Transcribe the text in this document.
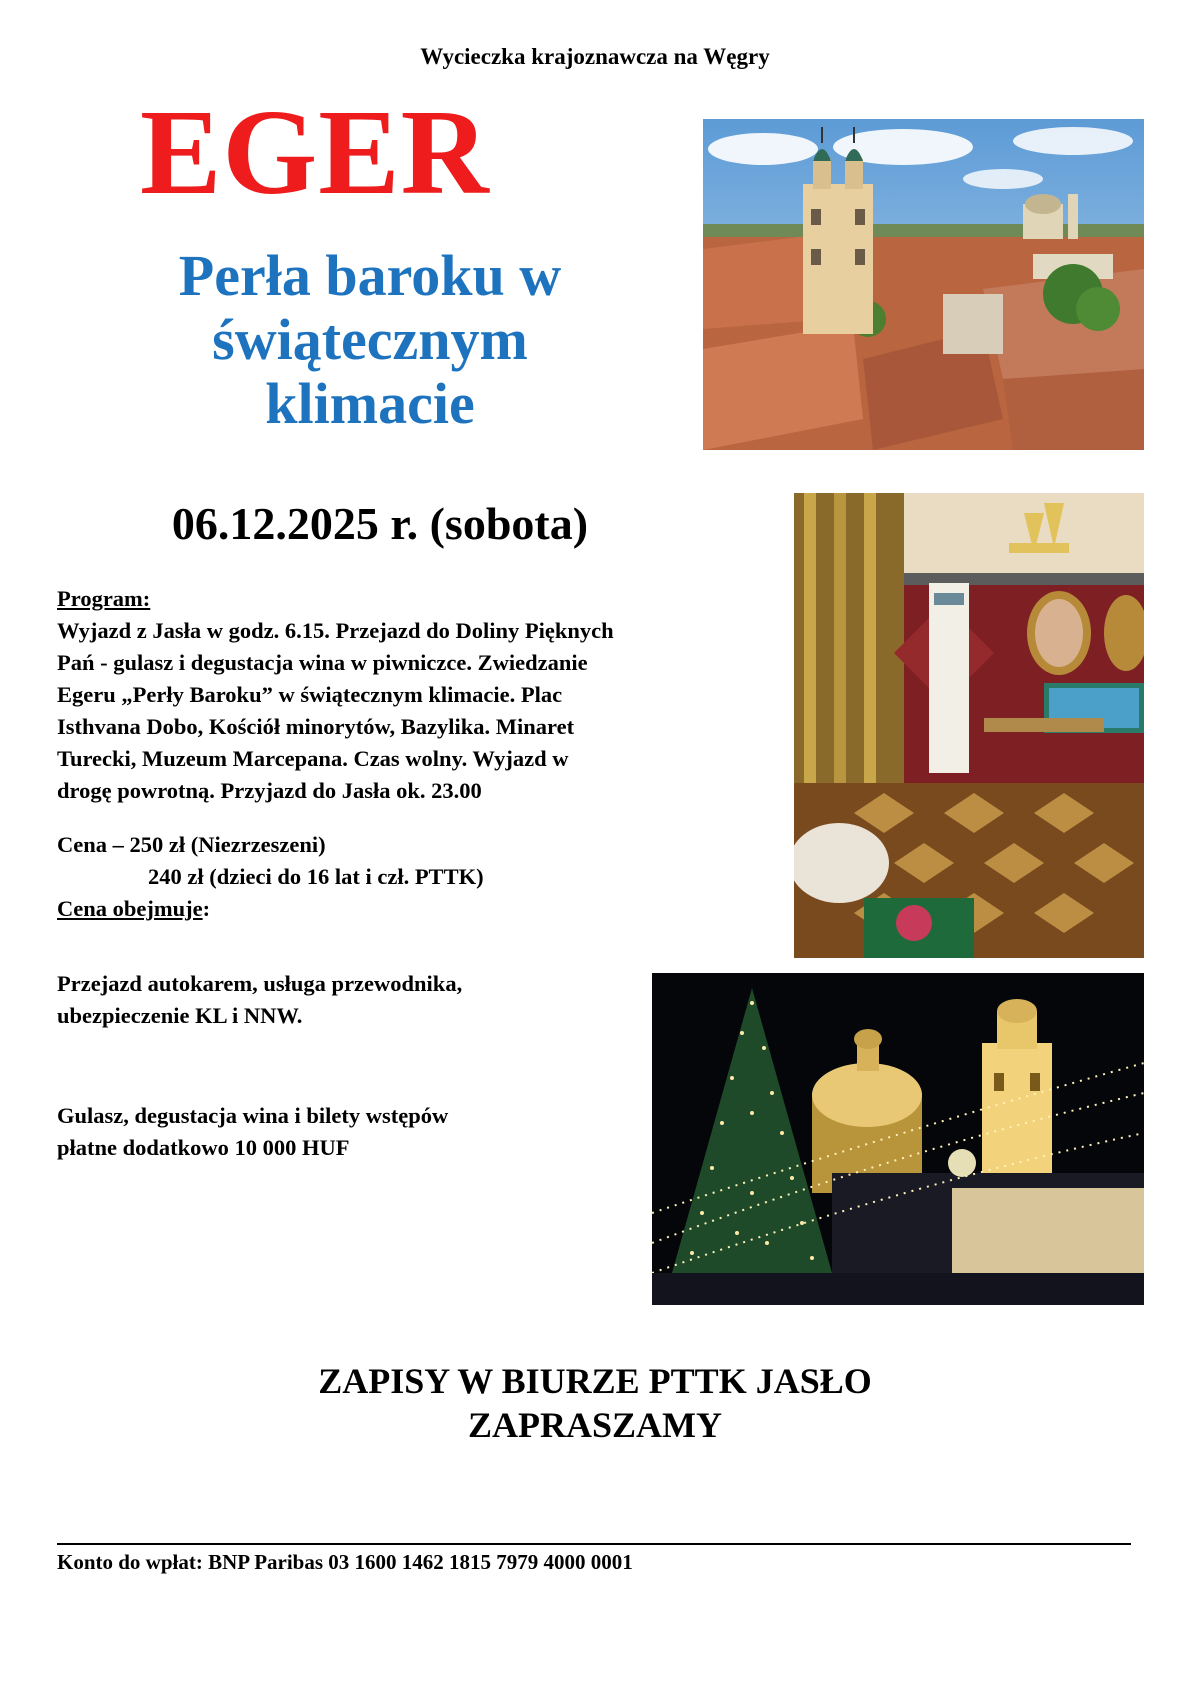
Wycieczka krajoznawcza na Węgry
EGER
Perła baroku w
świątecznym
klimacie
06.12.2025 r. (sobota)
Program:
Wyjazd z Jasła w godz. 6.15. Przejazd do Doliny Pięknych
Pań - gulasz i degustacja wina w piwniczce. Zwiedzanie
Egeru „Perły Baroku” w świątecznym klimacie. Plac
Isthvana Dobo, Kościół minorytów, Bazylika. Minaret
Turecki, Muzeum Marcepana. Czas wolny. Wyjazd w
drogę powrotną. Przyjazd do Jasła ok. 23.00
Cena – 250 zł (Niezrzeszeni)
240 zł (dzieci do 16 lat i czł. PTTK)
Cena obejmuje:
Przejazd autokarem, usługa przewodnika,
ubezpieczenie KL i NNW.
Gulasz, degustacja wina i bilety wstępów
płatne dodatkowo 10 000 HUF
ZAPISY W BIURZE PTTK JASŁO
ZAPRASZAMY
Konto do wpłat: BNP Paribas 03 1600 1462 1815 7979 4000 0001
